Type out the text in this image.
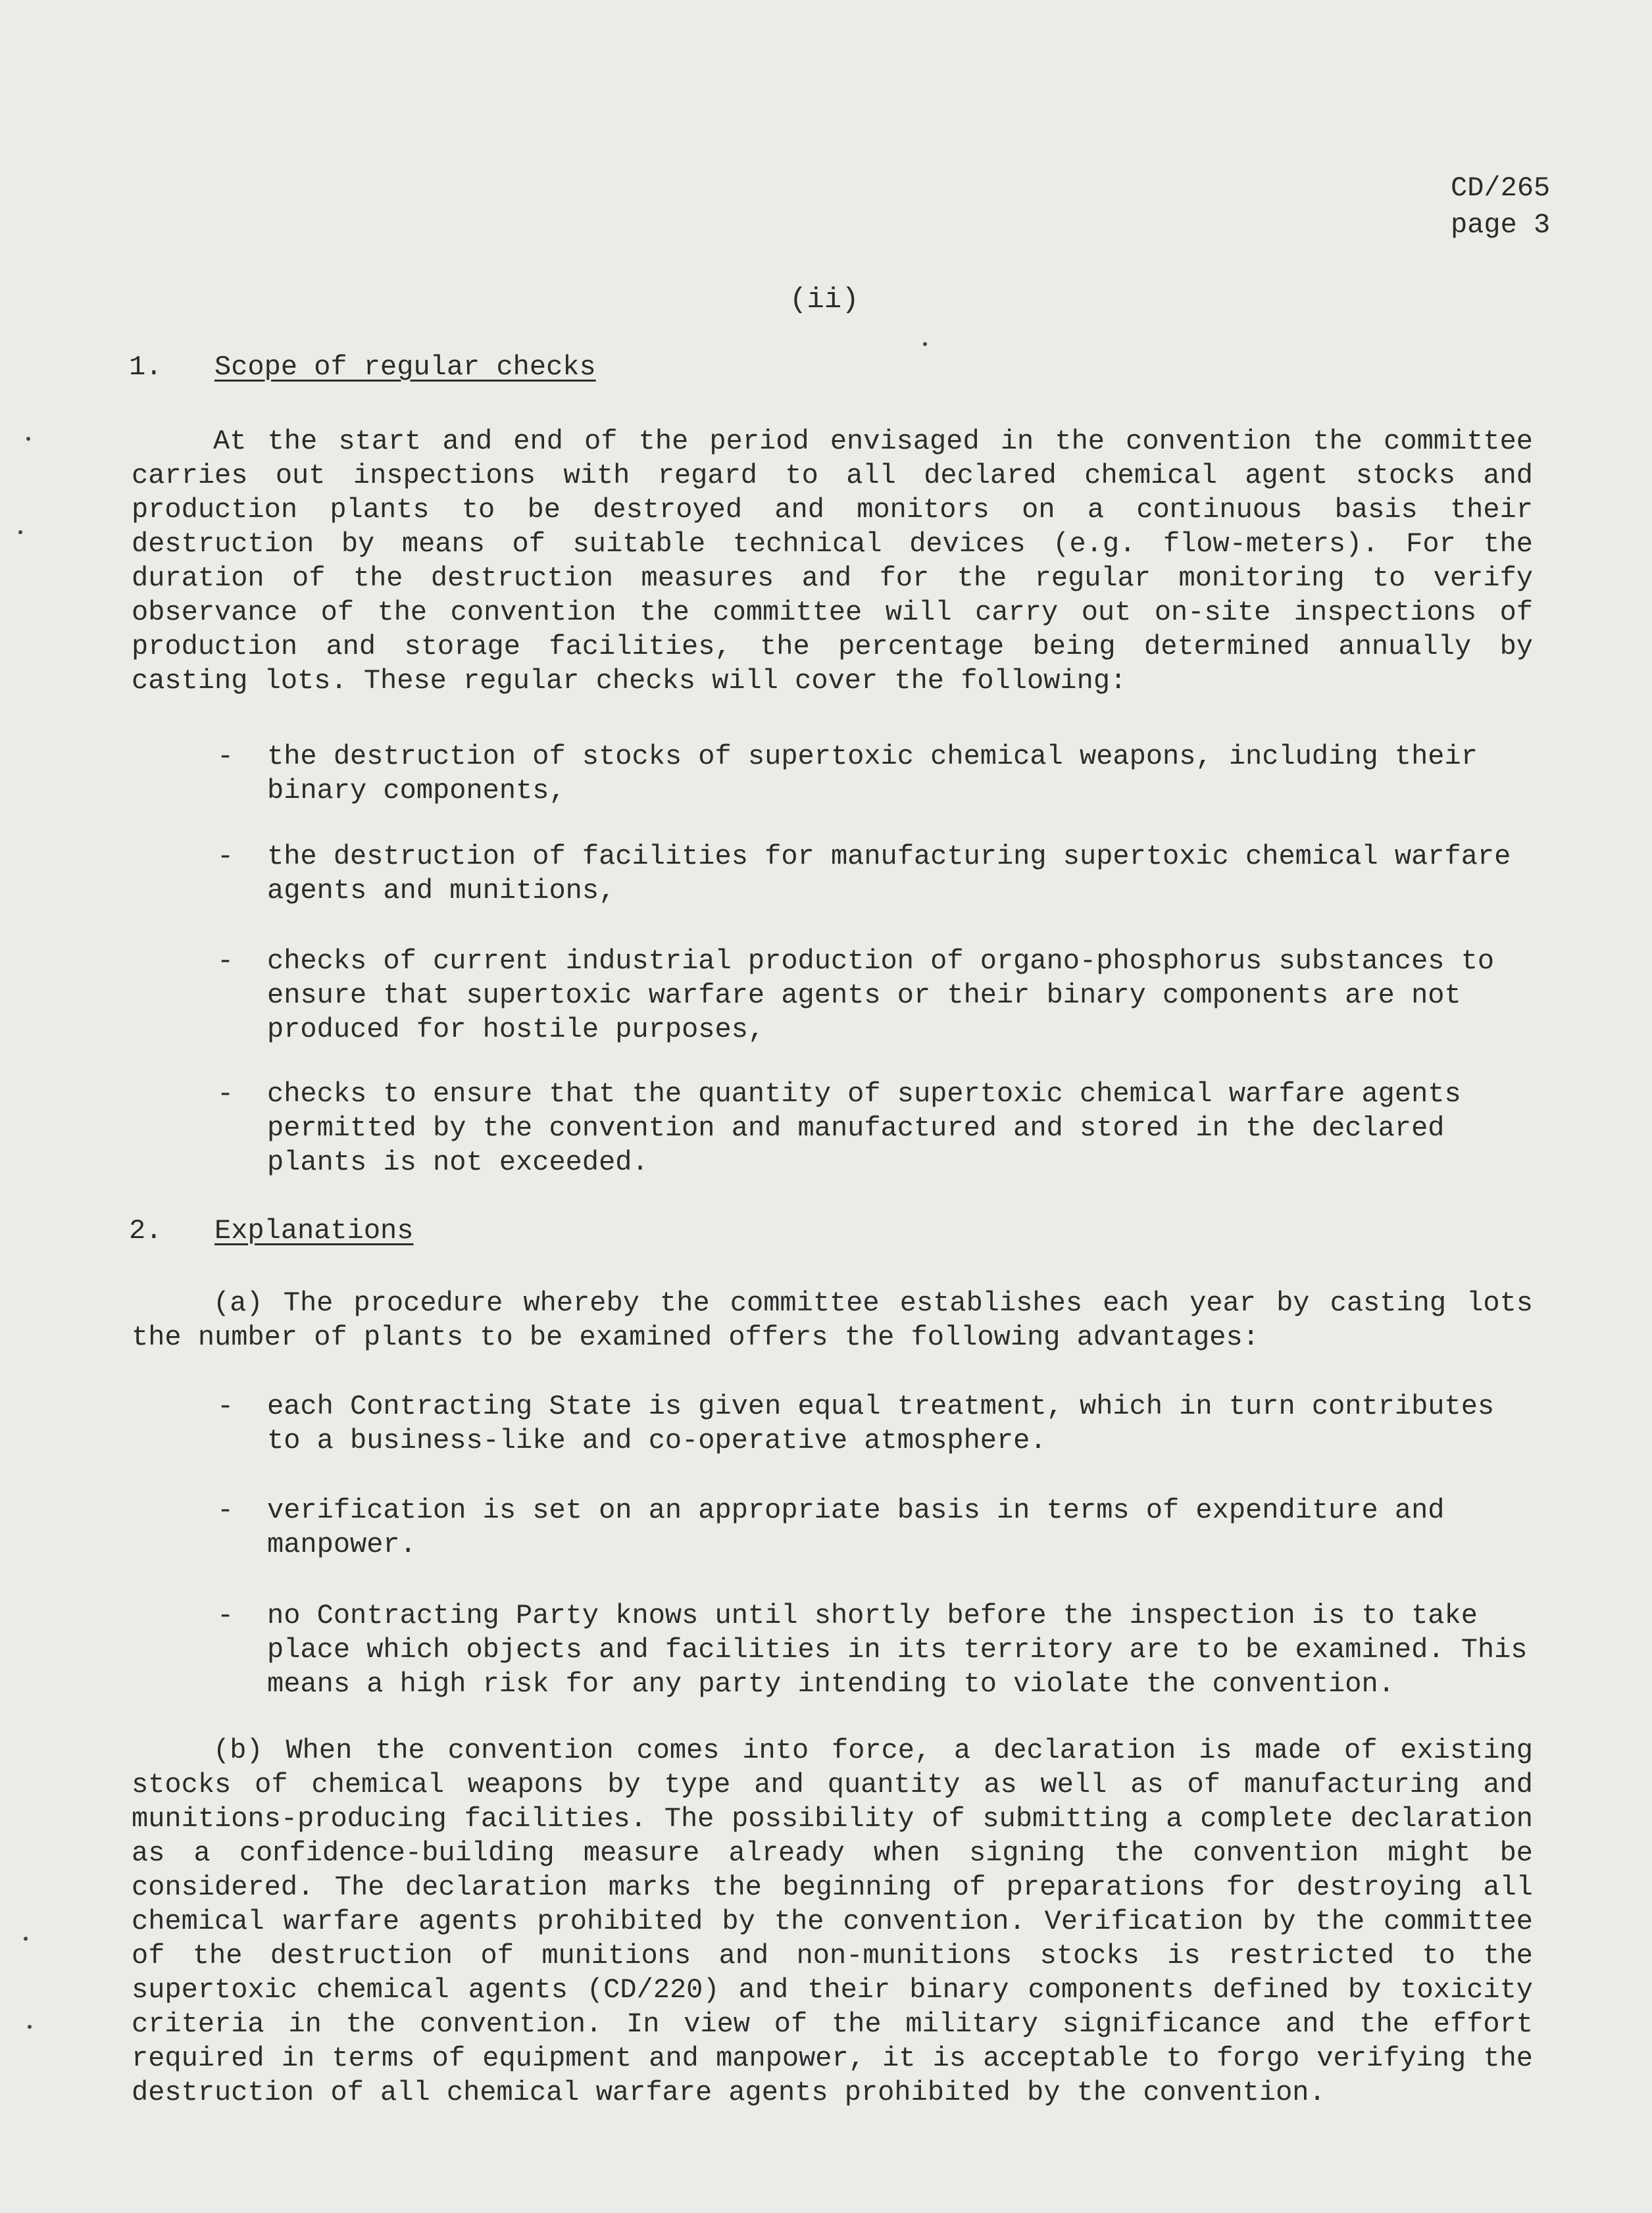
CD/265
page 3
(ii)
1. Scope of regular checks
At the start and end of the period envisaged in the convention the committee carries out inspections with regard to all declared chemical agent stocks and production plants to be destroyed and monitors on a continuous basis their destruction by means of suitable technical devices (e.g. flow-meters). For the duration of the destruction measures and for the regular monitoring to verify observance of the convention the committee will carry out on-site inspections of production and storage facilities, the percentage being determined annually by casting lots. These regular checks will cover the following:
- the destruction of stocks of supertoxic chemical weapons, including their binary components,
- the destruction of facilities for manufacturing supertoxic chemical warfare agents and munitions,
- checks of current industrial production of organo-phosphorus substances to ensure that supertoxic warfare agents or their binary components are not produced for hostile purposes,
- checks to ensure that the quantity of supertoxic chemical warfare agents permitted by the convention and manufactured and stored in the declared plants is not exceeded.
2. Explanations
(a) The procedure whereby the committee establishes each year by casting lots the number of plants to be examined offers the following advantages:
- each Contracting State is given equal treatment, which in turn contributes to a business-like and co-operative atmosphere.
- verification is set on an appropriate basis in terms of expenditure and manpower.
- no Contracting Party knows until shortly before the inspection is to take place which objects and facilities in its territory are to be examined. This means a high risk for any party intending to violate the convention.
(b) When the convention comes into force, a declaration is made of existing stocks of chemical weapons by type and quantity as well as of manufacturing and munitions-producing facilities. The possibility of submitting a complete declaration as a confidence-building measure already when signing the convention might be considered. The declaration marks the beginning of preparations for destroying all chemical warfare agents prohibited by the convention. Verification by the committee of the destruction of munitions and non-munitions stocks is restricted to the supertoxic chemical agents (CD/220) and their binary components defined by toxicity criteria in the convention. In view of the military significance and the effort required in terms of equipment and manpower, it is acceptable to forgo verifying the destruction of all chemical warfare agents prohibited by the convention.
